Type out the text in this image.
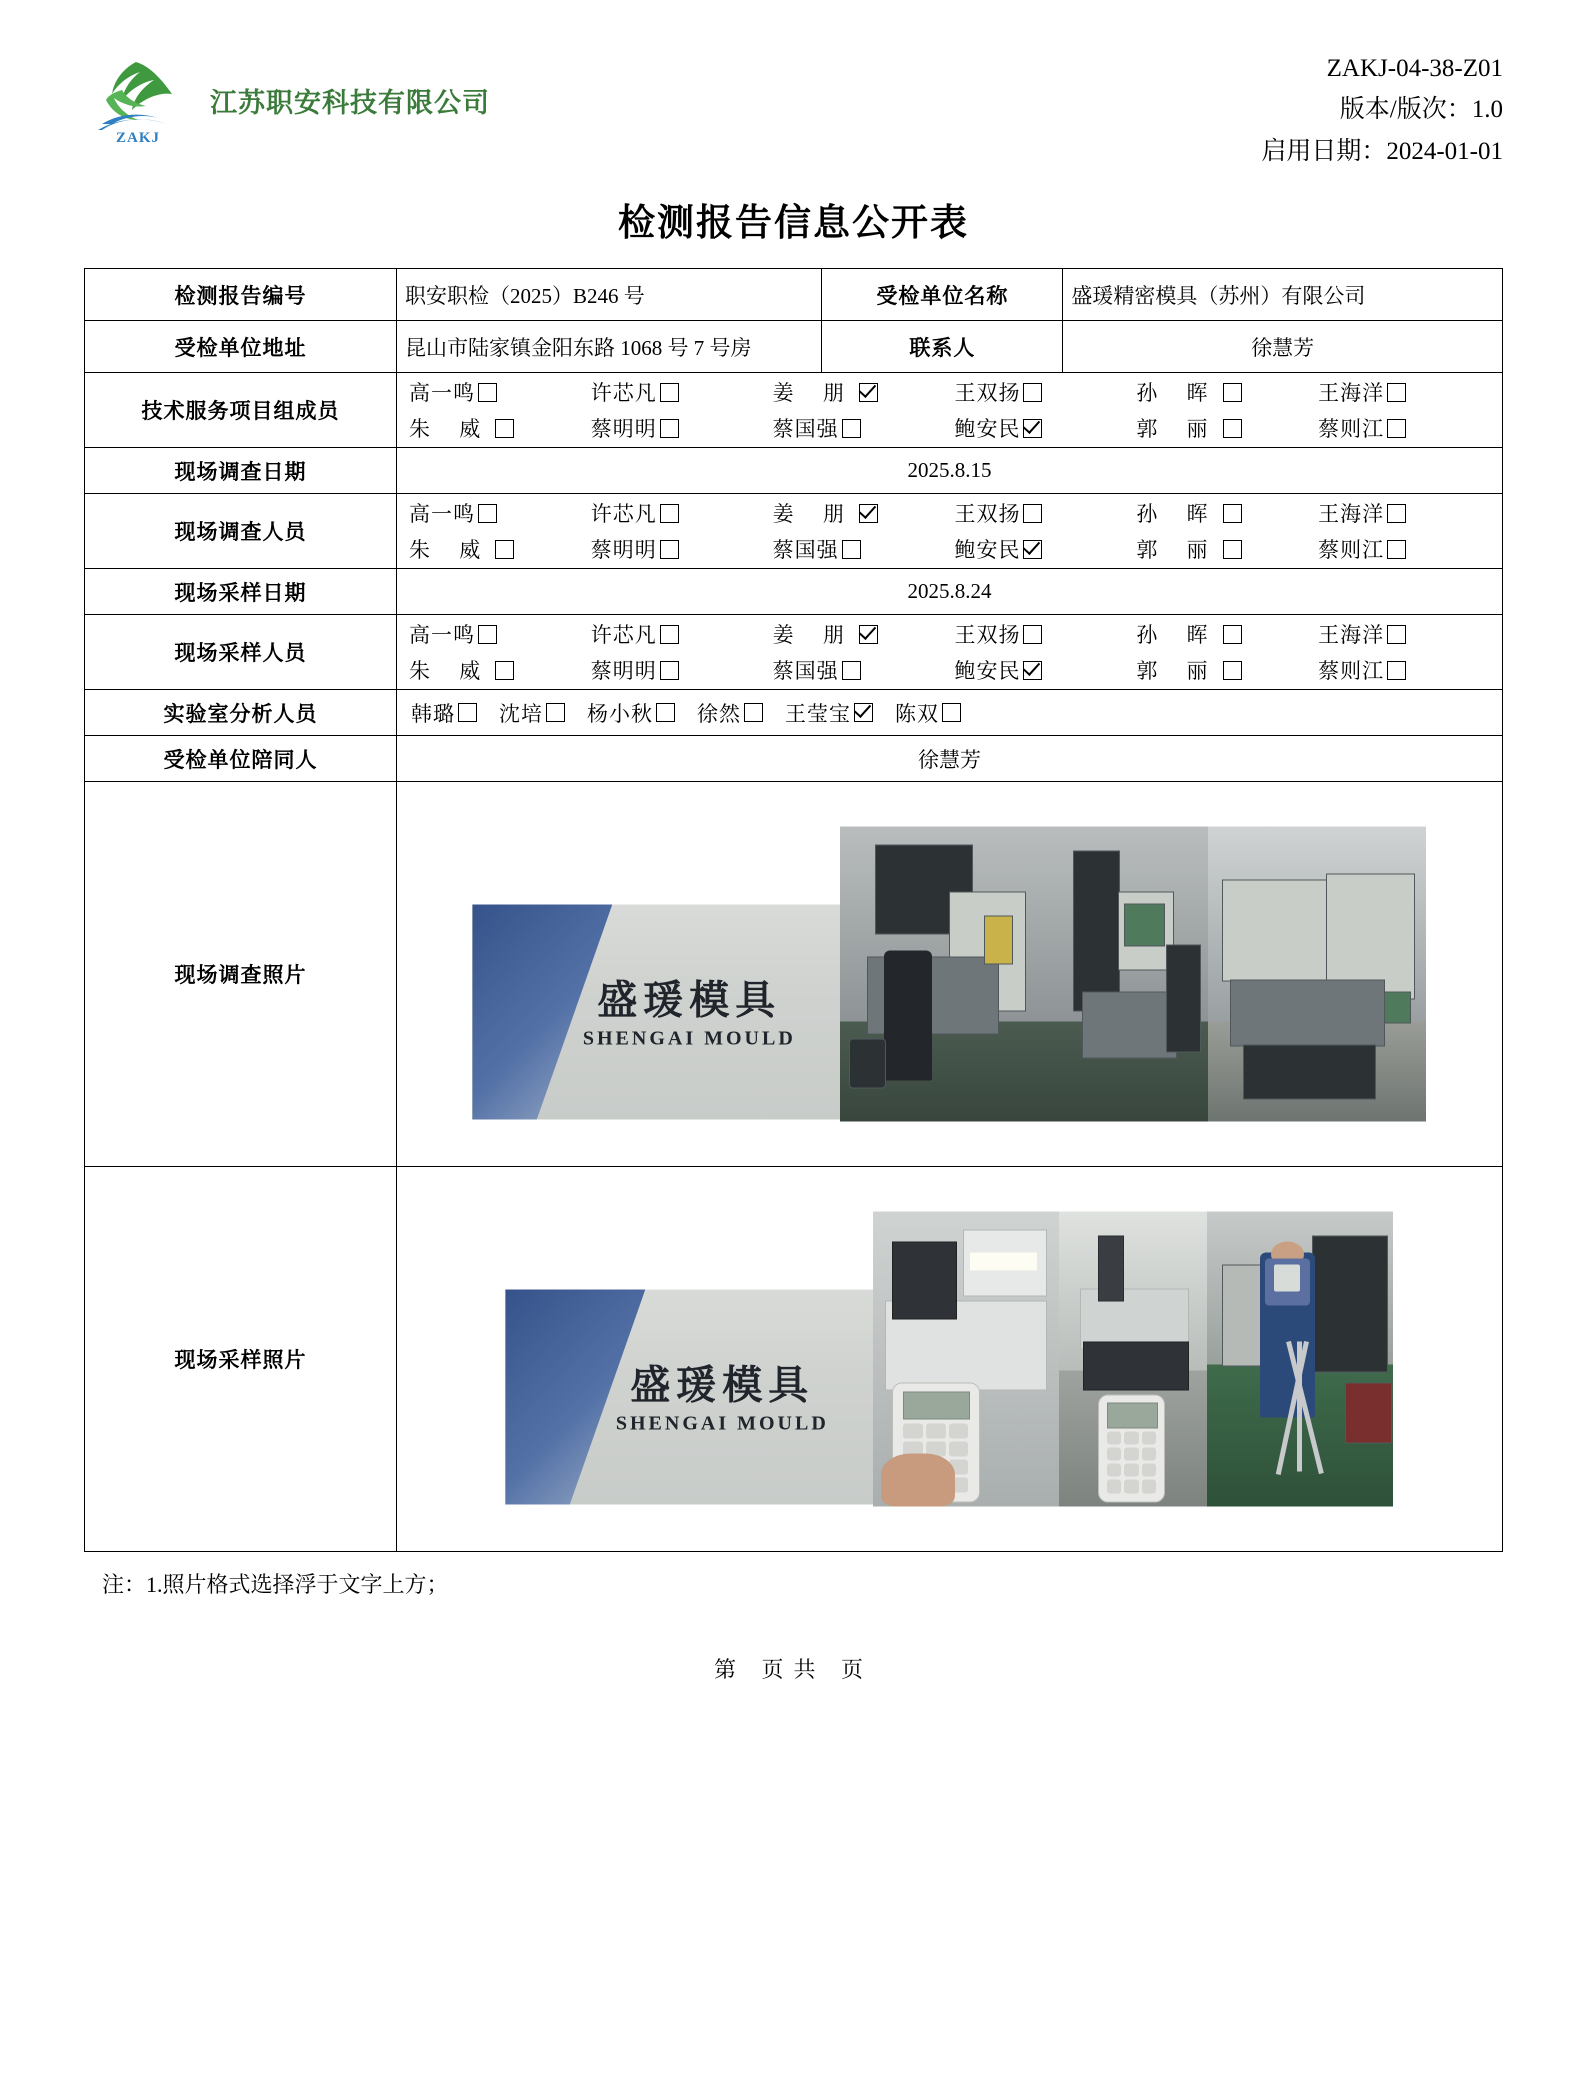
ZAKJ
江苏职安科技有限公司
ZAKJ-04-38-Z01
版本/版次：1.0
启用日期：2024-01-01
检测报告信息公开表
检测报告编号	职安职检（2025）B246 号	受检单位名称	盛瑗精密模具（苏州）有限公司
受检单位地址	昆山市陆家镇金阳东路 1068 号 7 号房	联系人	徐慧芳
技术服务项目组成员	
高一鸣	许芯凡	姜 朋	王双扬	孙 晖	王海洋
朱 威	蔡明明	蔡国强	鲍安民	郭 丽	蔡则江

现场调查日期	2025.8.15		
现场调查人员	
高一鸣	许芯凡	姜 朋	王双扬	孙 晖	王海洋
朱 威	蔡明明	蔡国强	鲍安民	郭 丽	蔡则江

现场采样日期	2025.8.24		
现场采样人员	
高一鸣	许芯凡	姜 朋	王双扬	孙 晖	王海洋
朱 威	蔡明明	蔡国强	鲍安民	郭 丽	蔡则江

实验室分析人员	韩璐 沈培 杨小秋 徐然 王莹宝 陈双

受检单位陪同人	徐慧芳		
现场调查照片	盛瑗模具
SHENGAI MOULD		

现场采样照片	盛瑗模具
SHENGAI MOULD		
注：1.照片格式选择浮于文字上方；
第 页共 页
